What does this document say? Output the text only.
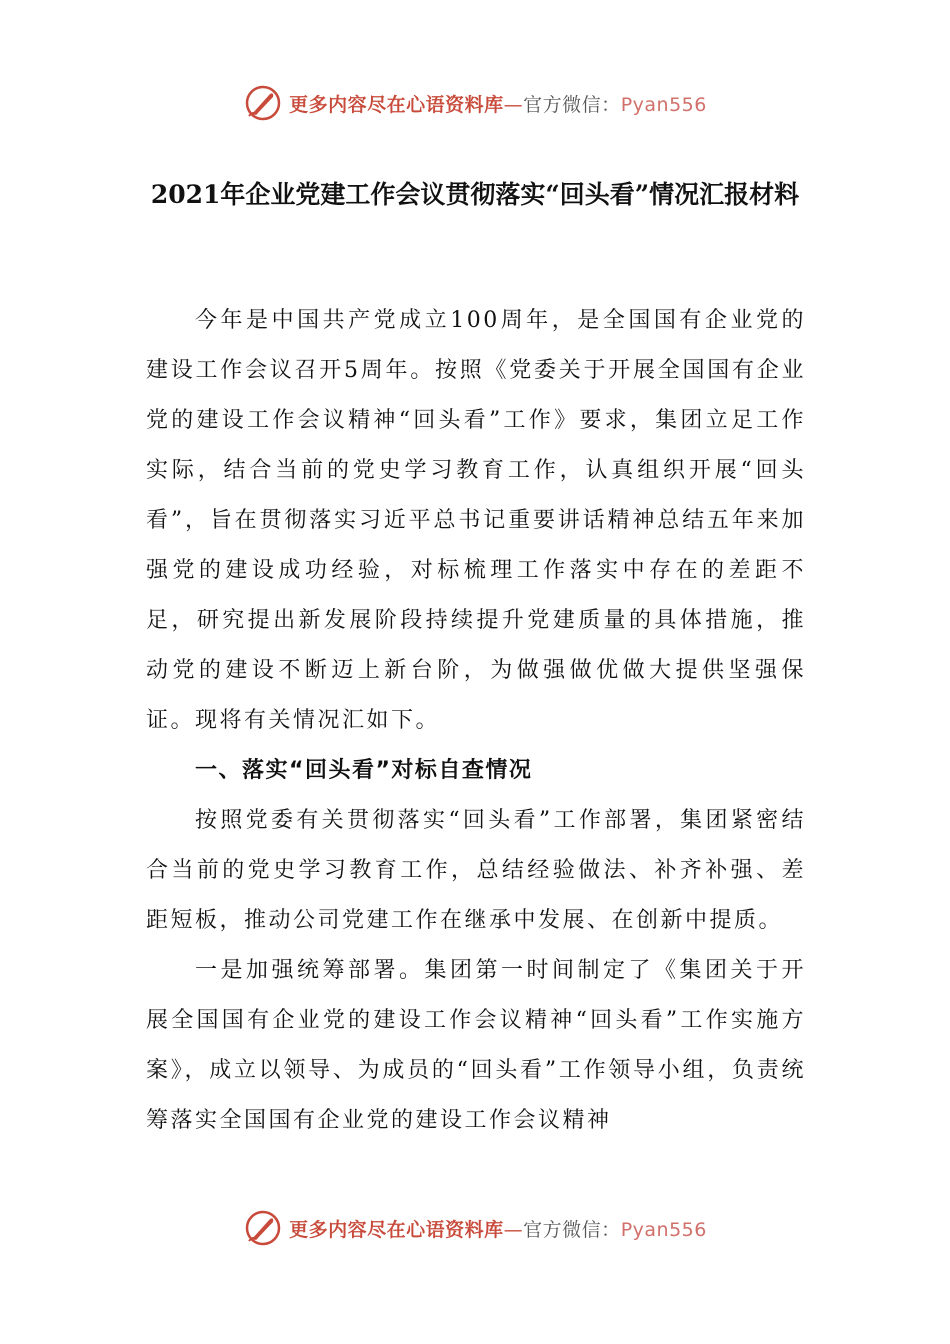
更多内容尽在心语资料库—官方微信：Pyan556
2021年企业党建工作会议贯彻落实“回头看”情况汇报材料

今年是中国共产党成立100周年，是全国国有企业党的建设工作会议召开5周年。按照《党委关于开展全国国有企业党的建设工作会议精神“回头看”工作》要求，集团立足工作实际，结合当前的党史学习教育工作，认真组织开展“回头看”，旨在贯彻落实习近平总书记重要讲话精神总结五年来加强党的建设成功经验，对标梳理工作落实中存在的差距不足，研究提出新发展阶段持续提升党建质量的具体措施，推动党的建设不断迈上新台阶，为做强做优做大提供坚强保证。现将有关情况汇如下。

一、落实“回头看”对标自查情况

按照党委有关贯彻落实“回头看”工作部署，集团紧密结合当前的党史学习教育工作，总结经验做法、补齐补强、差距短板，推动公司党建工作在继承中发展、在创新中提质。

一是加强统筹部署。集团第一时间制定了《集团关于开展全国国有企业党的建设工作会议精神“回头看”工作实施方案》，成立以领导、为成员的“回头看”工作领导小组，负责统筹落实全国国有企业党的建设工作会议精神

更多内容尽在心语资料库—官方微信：Pyan556
